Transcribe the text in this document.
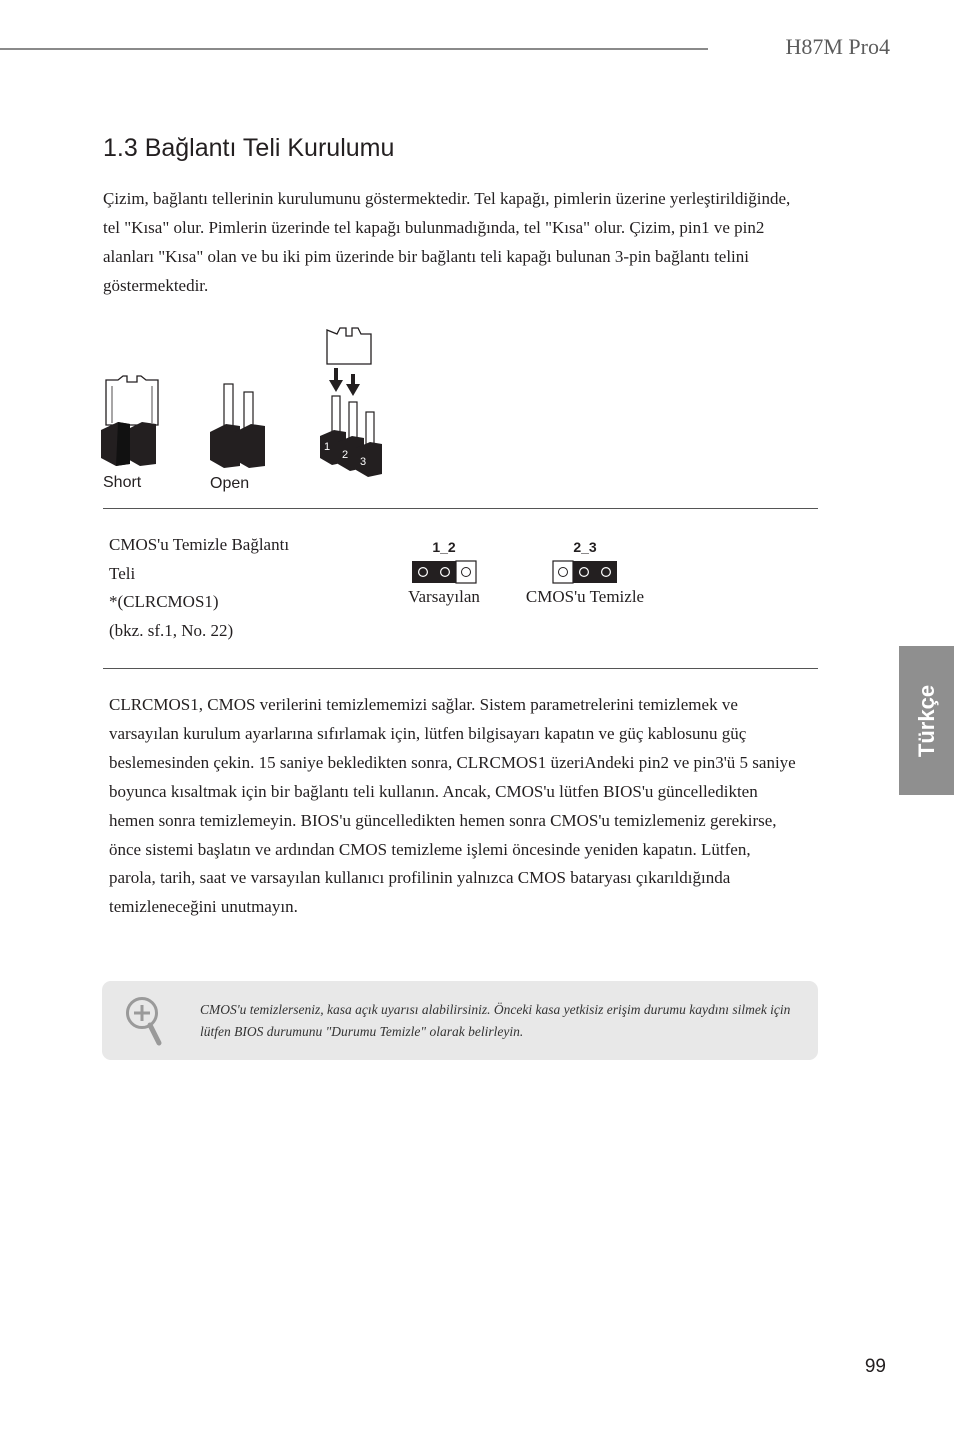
H87M Pro4
1.3 Bağlantı Teli Kurulumu

Çizim, bağlantı tellerinin kurulumunu göstermektedir. Tel kapağı, pimlerin üzerine yerleştirildiğinde, tel "Kısa" olur. Pimlerin üzerinde tel kapağı bulunmadığında, tel "Kısa" olur. Çizim, pin1 ve pin2 alanları "Kısa" olan ve bu iki pim üzerinde bir bağlantı teli kapağı bulunan 3-pin bağlantı telini göstermektedir.

1
2
3
Short	Open
CMOS'u Temizle Bağlantı
Teli
*(CLRCMOS1)
(bkz. sf.1, No. 22)
1_2
Varsayılan
2_3
CMOS'u Temizle

CLRCMOS1, CMOS verilerini temizlememizi sağlar. Sistem parametrelerini temizlemek ve varsayılan kurulum ayarlarına sıfırlamak için, lütfen bilgisayarı kapatın ve güç kablosunu güç beslemesinden çekin. 15 saniye bekledikten sonra, CLRCMOS1 üzeriAndeki pin2 ve pin3'ü 5 saniye boyunca kısaltmak için bir bağlantı teli kullanın. Ancak, CMOS'u lütfen BIOS'u güncelledikten hemen sonra temizlemeyin. BIOS'u güncelledikten hemen sonra CMOS'u temizlemeniz gerekirse, önce sistemi başlatın ve ardından CMOS temizleme işlemi öncesinde yeniden kapatın. Lütfen, parola, tarih, saat ve varsayılan kullanıcı profilinin yalnızca CMOS bataryası çıkarıldığında temizleneceğini unutmayın.

CMOS'u temizlerseniz, kasa açık uyarısı alabilirsiniz. Önceki kasa yetkisiz erişim durumu kaydını silmek için lütfen BIOS durumunu "Durumu Temizle" olarak belirleyin.

Türkçe
99
